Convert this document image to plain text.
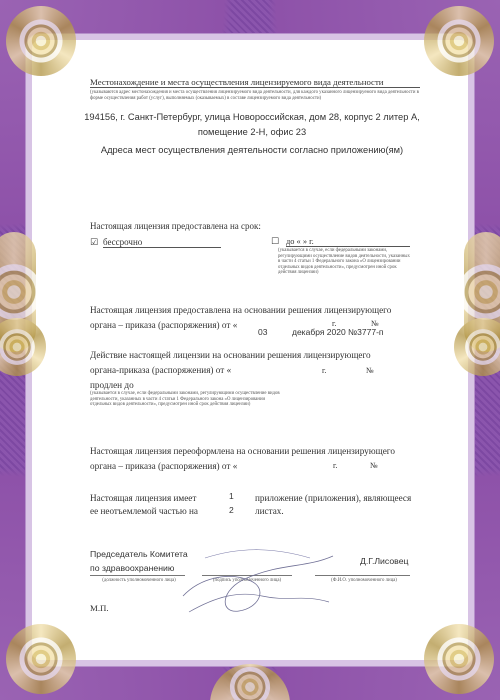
Местонахождение и места осуществления лицензируемого вида деятельности
(указываются адрес местонахождения и места осуществления лицензируемого вида деятельности, для каждого указанного лицензируемого вида деятельности в форме осуществления работ (услуг), выполняемых (оказываемых) в составе лицензируемого вида деятельности)
194156, г. Санкт-Петербург, улица Новороссийская, дом 28, корпус 2 литер А,
помещение 2-Н, офис 23
Адреса мест осуществления деятельности согласно приложению(ям)
Настоящая лицензия предоставлена на срок:
☑ бессрочно	☐ до « » г.
(указывается в случае, если федеральными законами, регулирующими осуществление видов деятельности, указанных в части 4 статьи 1 Федерального закона «О лицензировании отдельных видов деятельности», предусмотрен иной срок действия лицензии)
Настоящая лицензия предоставлена на основании решения лицензирующего
органа – приказа (распоряжения) от «
03
г.	№
декабря 2020 №3777-п
Действие настоящей лицензии на основании решения лицензирующего
органа-приказа (распоряжения) от «	г.	№
продлен до
(указывается в случае, если федеральными законами, регулирующими осуществление видов деятельности, указанных в части 4 статьи 1 Федерального закона «О лицензировании отдельных видов деятельности», предусмотрен иной срок действия лицензии)
Настоящая лицензия переоформлена на основании решения лицензирующего
органа – приказа (распоряжения) от «	г.	№
Настоящая лицензия имеет
ее неотъемлемой частью на
1
2
приложение (приложения), являющееся
листах.
Председатель Комитета
по здравоохранению
Д.Г.Лисовец
(должность уполномоченного лица)	(подпись уполномоченного лица)	(Ф.И.О. уполномоченного лица)
М.П.
